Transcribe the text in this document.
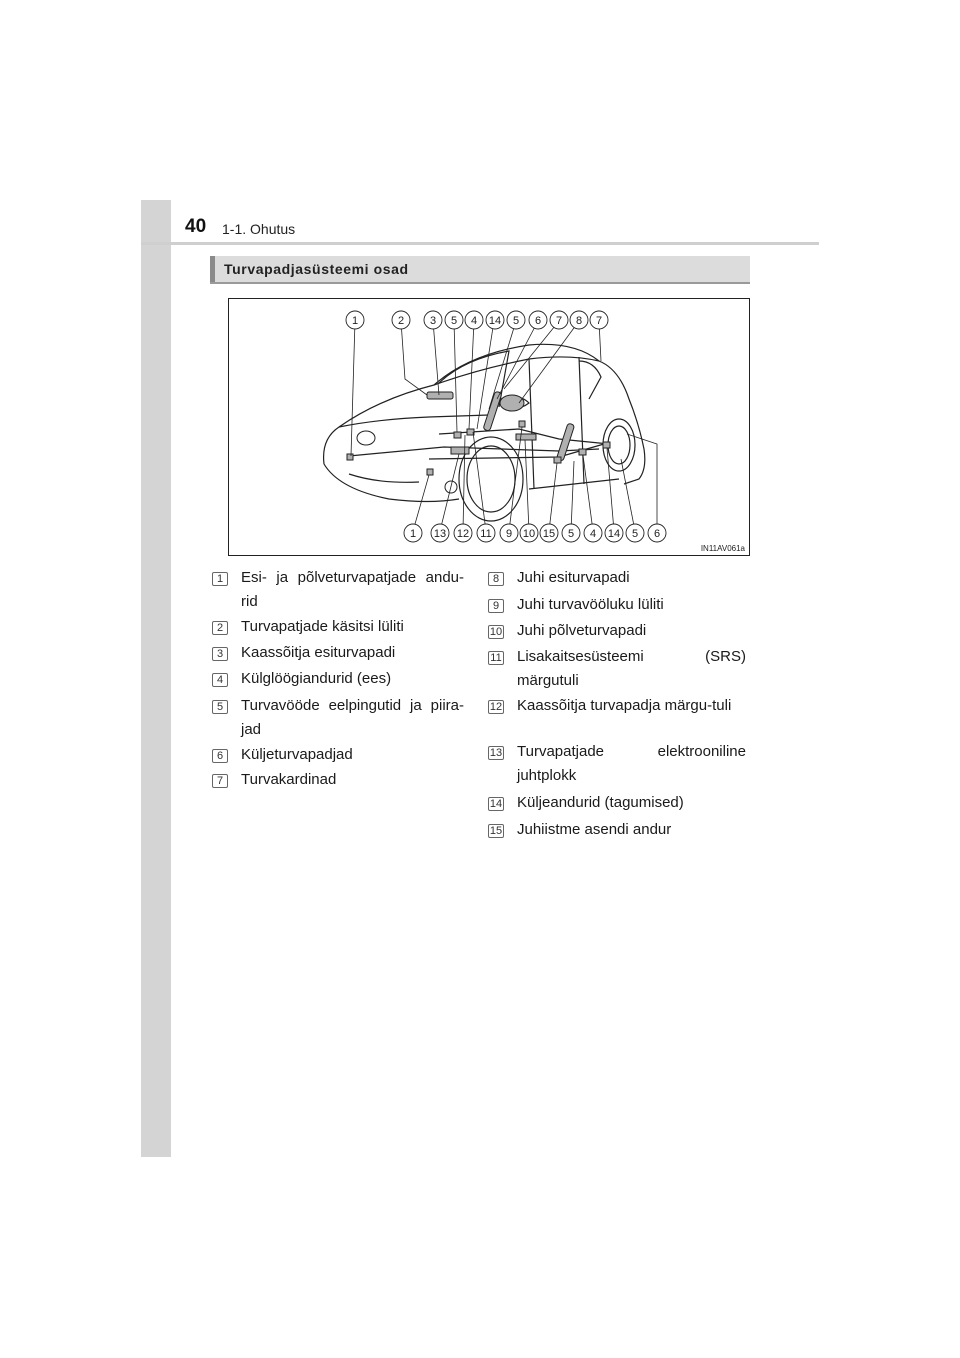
40 1-1. Ohutus
Turvapadjasüsteemi osad
1	2 3 5 4 14 5 6 7 8 7
1 13 12 11 9 10 15 5 4 14 5 6
IN11AV061a
1	Esi- ja põlveturvapatjade andu-rid
2	Turvapatjade käsitsi lüliti
3	Kaassõitja esiturvapadi
4	Külglöögiandurid (ees)
5	Turvavööde eelpingutid ja piira-jad
6	Küljeturvapadjad
7	Turvakardinad
8	Juhi esiturvapadi
9	Juhi turvavööluku lüliti
10 Juhi põlveturvapadi
11 Lisakaitsesüsteemi (SRS) märgutuli
12 Kaassõitja turvapadja märgu-tuli
13 Turvapatjade elektrooniline juhtplokk
14 Küljeandurid (tagumised)
15 Juhiistme asendi andur
